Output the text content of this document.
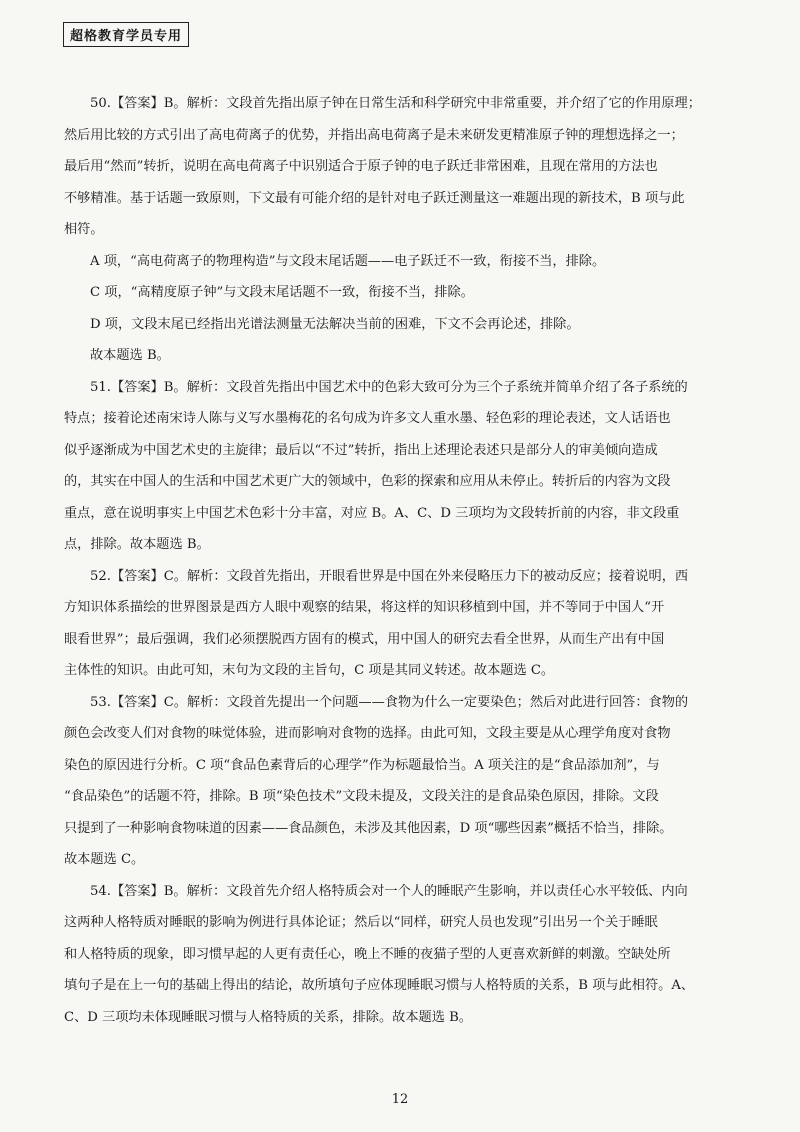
超格教育学员专用

50.【答案】B。解析：文段首先指出原子钟在日常生活和科学研究中非常重要，并介绍了它的作用原理；

然后用比较的方式引出了高电荷离子的优势，并指出高电荷离子是未来研发更精准原子钟的理想选择之一；

最后用“然而”转折，说明在高电荷离子中识别适合于原子钟的电子跃迁非常困难，且现在常用的方法也

不够精准。基于话题一致原则，下文最有可能介绍的是针对电子跃迁测量这一难题出现的新技术，B 项与此

相符。

A 项，“高电荷离子的物理构造”与文段末尾话题——电子跃迁不一致，衔接不当，排除。

C 项，“高精度原子钟”与文段末尾话题不一致，衔接不当，排除。

D 项，文段末尾已经指出光谱法测量无法解决当前的困难，下文不会再论述，排除。

故本题选 B。

51.【答案】B。解析：文段首先指出中国艺术中的色彩大致可分为三个子系统并简单介绍了各子系统的

特点；接着论述南宋诗人陈与义写水墨梅花的名句成为许多文人重水墨、轻色彩的理论表述，文人话语也

似乎逐渐成为中国艺术史的主旋律；最后以“不过”转折，指出上述理论表述只是部分人的审美倾向造成

的，其实在中国人的生活和中国艺术更广大的领域中，色彩的探索和应用从未停止。转折后的内容为文段

重点，意在说明事实上中国艺术色彩十分丰富，对应 B。A、C、D 三项均为文段转折前的内容，非文段重

点，排除。故本题选 B。

52.【答案】C。解析：文段首先指出，开眼看世界是中国在外来侵略压力下的被动反应；接着说明，西

方知识体系描绘的世界图景是西方人眼中观察的结果，将这样的知识移植到中国，并不等同于中国人“开

眼看世界”；最后强调，我们必须摆脱西方固有的模式，用中国人的研究去看全世界，从而生产出有中国

主体性的知识。由此可知，末句为文段的主旨句，C 项是其同义转述。故本题选 C。

53.【答案】C。解析：文段首先提出一个问题——食物为什么一定要染色；然后对此进行回答：食物的

颜色会改变人们对食物的味觉体验，进而影响对食物的选择。由此可知，文段主要是从心理学角度对食物

染色的原因进行分析。C 项“食品色素背后的心理学”作为标题最恰当。A 项关注的是“食品添加剂”，与

“食品染色”的话题不符，排除。B 项“染色技术”文段未提及，文段关注的是食品染色原因，排除。文段

只提到了一种影响食物味道的因素——食品颜色，未涉及其他因素，D 项“哪些因素”概括不恰当，排除。

故本题选 C。

54.【答案】B。解析：文段首先介绍人格特质会对一个人的睡眠产生影响，并以责任心水平较低、内向

这两种人格特质对睡眠的影响为例进行具体论证；然后以“同样，研究人员也发现”引出另一个关于睡眠

和人格特质的现象，即习惯早起的人更有责任心，晚上不睡的夜猫子型的人更喜欢新鲜的刺激。空缺处所

填句子是在上一句的基础上得出的结论，故所填句子应体现睡眠习惯与人格特质的关系，B 项与此相符。A、

C、D 三项均未体现睡眠习惯与人格特质的关系，排除。故本题选 B。

12
